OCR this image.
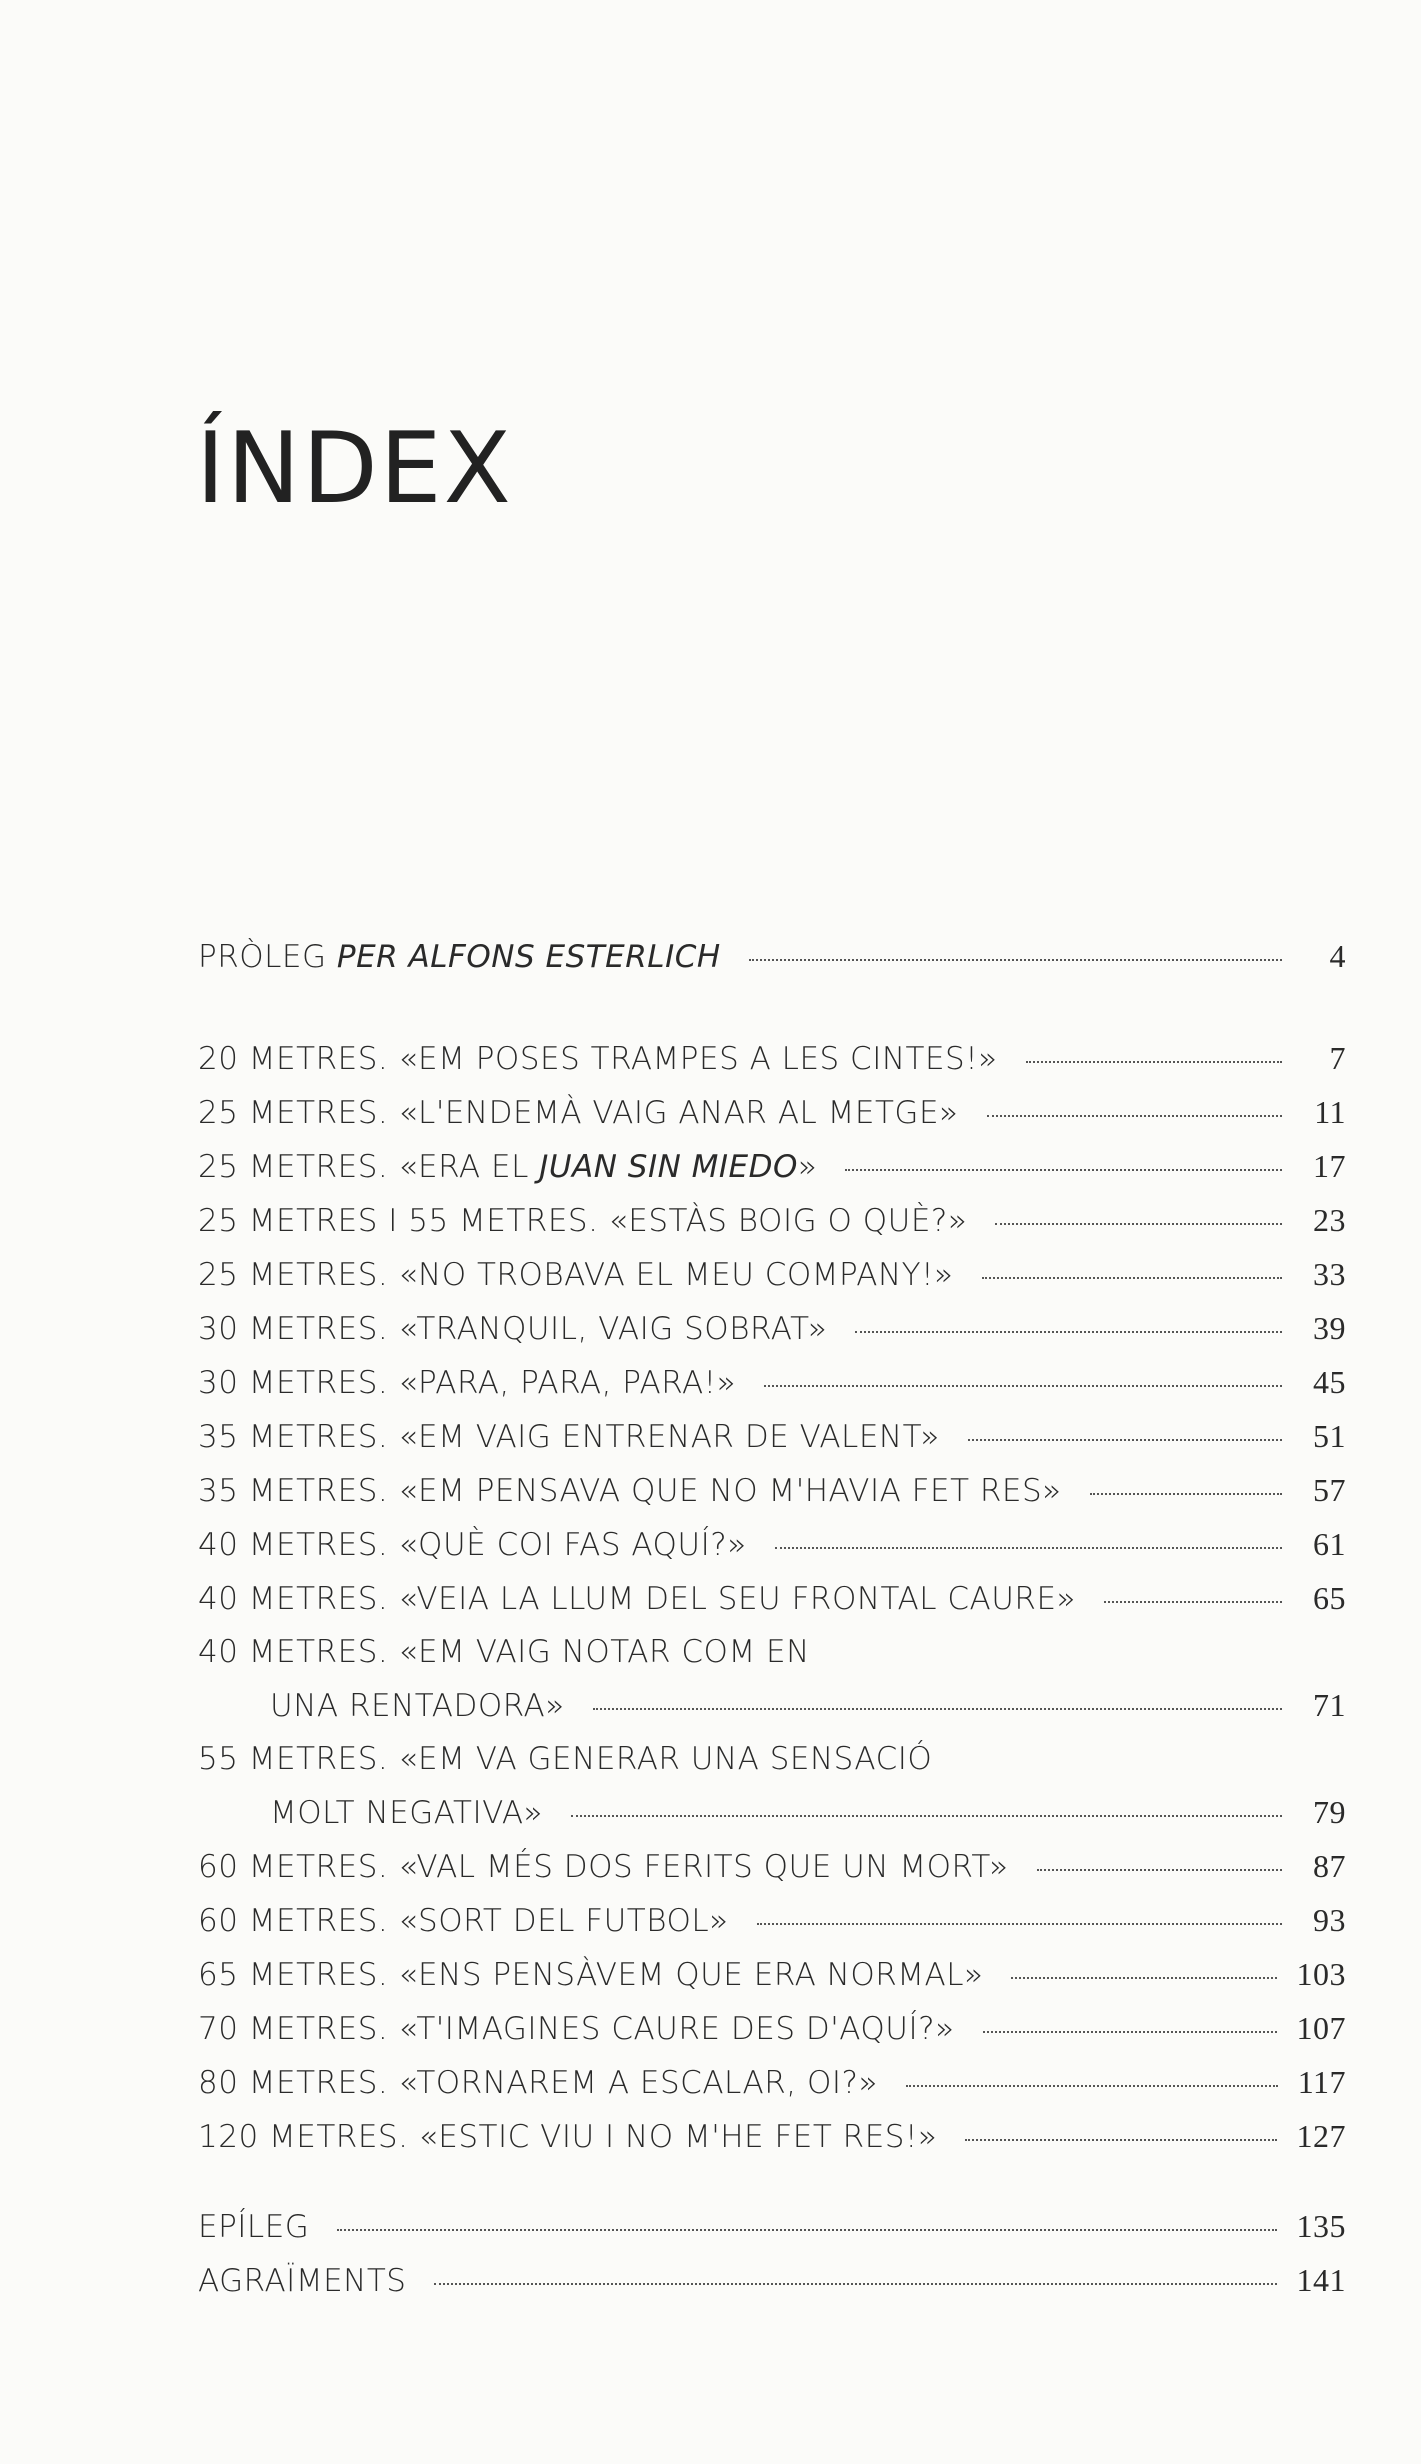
ÍNDEX
PRÒLEG PER ALFONS ESTERLICH	4
20 METRES. «EM POSES TRAMPES A LES CINTES!»	7
25 METRES. «L'ENDEMÀ VAIG ANAR AL METGE»	11
25 METRES. «ERA EL JUAN SIN MIEDO»	17
25 METRES I 55 METRES. «ESTÀS BOIG O QUÈ?»	23
25 METRES. «NO TROBAVA EL MEU COMPANY!»	33
30 METRES. «TRANQUIL, VAIG SOBRAT»	39
30 METRES. «PARA, PARA, PARA!»	45
35 METRES. «EM VAIG ENTRENAR DE VALENT»	51
35 METRES. «EM PENSAVA QUE NO M'HAVIA FET RES»	57
40 METRES. «QUÈ COI FAS AQUÍ?»	61
40 METRES. «VEIA LA LLUM DEL SEU FRONTAL CAURE»	65
40 METRES. «EM VAIG NOTAR COM EN
UNA RENTADORA»	71
55 METRES. «EM VA GENERAR UNA SENSACIÓ
MOLT NEGATIVA»	79
60 METRES. «VAL MÉS DOS FERITS QUE UN MORT»	87
60 METRES. «SORT DEL FUTBOL»	93
65 METRES. «ENS PENSÀVEM QUE ERA NORMAL»	103
70 METRES. «T'IMAGINES CAURE DES D'AQUÍ?»	107
80 METRES. «TORNAREM A ESCALAR, OI?»	117
120 METRES. «ESTIC VIU I NO M'HE FET RES!»	127
EPÍLEG	135
AGRAÏMENTS	141
